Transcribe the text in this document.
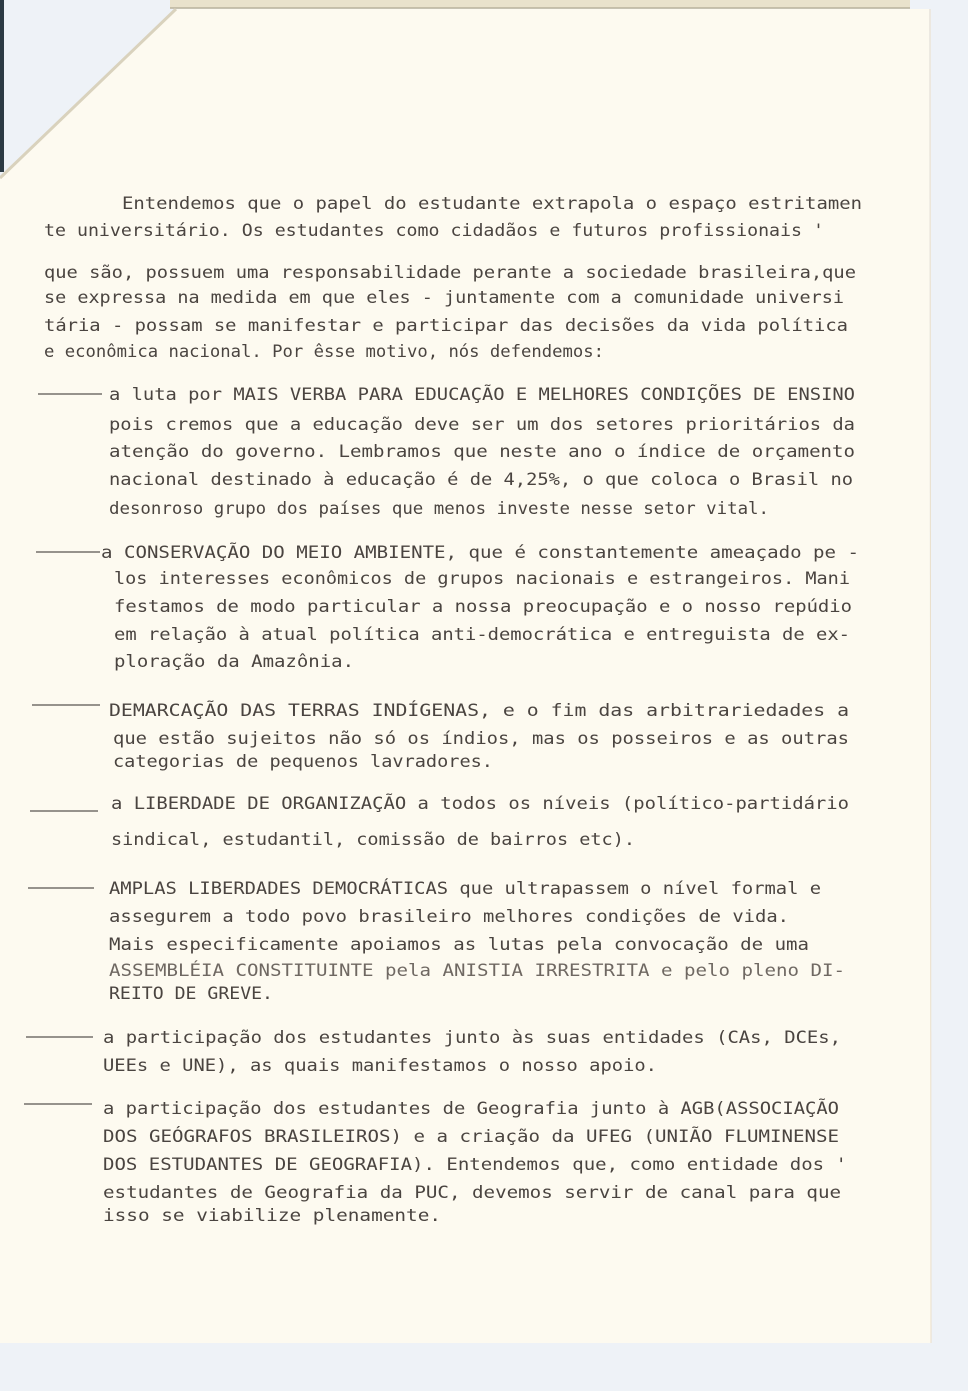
Entendemos que o papel do estudante extrapola o espaço estritamen
te universitário. Os estudantes como cidadãos e futuros profissionais '
que são, possuem uma responsabilidade perante a sociedade brasileira,que
se expressa na medida em que eles - juntamente com a comunidade universi
tária - possam se manifestar e participar das decisões da vida política
e econômica nacional. Por êsse motivo, nós defendemos:
a luta por MAIS VERBA PARA EDUCAÇÃO E MELHORES CONDIÇÕES DE ENSINO
pois cremos que a educação deve ser um dos setores prioritários da
atenção do governo. Lembramos que neste ano o índice de orçamento
nacional destinado à educação é de 4,25%, o que coloca o Brasil no
desonroso grupo dos países que menos investe nesse setor vital.
a CONSERVAÇÃO DO MEIO AMBIENTE, que é constantemente ameaçado pe -
los interesses econômicos de grupos nacionais e estrangeiros. Mani
festamos de modo particular a nossa preocupação e o nosso repúdio
em relação à atual política anti-democrática e entreguista de ex-
ploração da Amazônia.
DEMARCAÇÃO DAS TERRAS INDÍGENAS, e o fim das arbitrariedades a
que estão sujeitos não só os índios, mas os posseiros e as outras
categorias de pequenos lavradores.
a LIBERDADE DE ORGANIZAÇÃO a todos os níveis (político-partidário
sindical, estudantil, comissão de bairros etc).
AMPLAS LIBERDADES DEMOCRÁTICAS que ultrapassem o nível formal e
assegurem a todo povo brasileiro melhores condições de vida.
Mais especificamente apoiamos as lutas pela convocação de uma
ASSEMBLÉIA CONSTITUINTE pela ANISTIA IRRESTRITA e pelo pleno DI-
REITO DE GREVE.
a participação dos estudantes junto às suas entidades (CAs, DCEs,
UEEs e UNE), as quais manifestamos o nosso apoio.
a participação dos estudantes de Geografia junto à AGB(ASSOCIAÇÃO
DOS GEÓGRAFOS BRASILEIROS) e a criação da UFEG (UNIÃO FLUMINENSE
DOS ESTUDANTES DE GEOGRAFIA). Entendemos que, como entidade dos '
estudantes de Geografia da PUC, devemos servir de canal para que
isso se viabilize plenamente.
